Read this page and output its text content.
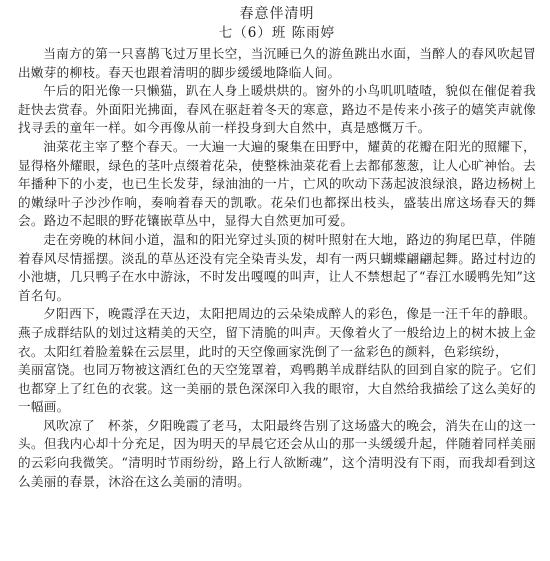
春意伴清明
七（6）班 陈雨婷

当南方的第一只喜鹊飞过万里长空，当沉睡已久的游鱼跳出水面，当醉人的春风吹起冒出嫩芽的柳枝。春天也跟着清明的脚步缓缓地降临人间。

午后的阳光像一只懒猫，趴在人身上暖烘烘的。窗外的小鸟叽叽喳喳，貌似在催促着我赶快去赏春。外面阳光拂面，春风在驱赶着冬天的寒意，路边不是传来小孩子的嬉笑声就像找寻丢的童年一样。如今再像从前一样投身到大自然中，真是感慨万千。

油菜花主宰了整个春天。一大遍一大遍的聚集在田野中，耀黄的花瓣在阳光的照耀下，显得格外耀眼，绿色的茎叶点缀着花朵，使整株油菜花看上去都郁葱葱，让人心旷神怡。去年播种下的小麦，也已生长发芽，绿油油的一片，亡风的吹动下荡起波浪绿浪，路边杨树上的嫩绿叶子沙沙作响，奏响着春天的凯歌。花朵们也都探出枝头，盛装出席这场春天的舞会。路边不起眼的野花镶嵌草丛中，显得大自然更加可爱。

走在旁晚的林间小道，温和的阳光穿过头顶的树叶照射在大地，路边的狗尾巴草，伴随着春风尽情摇摆。淡乱的草丛还没有完全染青头发，却有一两只蝴蝶翩翩起舞。路过村边的小池塘，几只鸭子在水中游泳，不时发出嘎嘎的叫声，让人不禁想起了“春江水暖鸭先知”这首名句。

夕阳西下，晚霞浮在天边，太阳把周边的云朵染成醉人的彩色，像是一汪千年的静眼。燕子成群结队的划过这精美的天空，留下清脆的叫声。天像着火了一般给边上的树木披上金衣。太阳红着脸羞躲在云层里，此时的天空像画家洗倒了一盆彩色的颜料，色彩缤纷，

美丽富饶。也同万物被这酒红色的天空笼罩着，鸡鸭鹅羊成群结队的回到自家的院子。它们也都穿上了红色的衣裳。这一美丽的景色深深印入我的眼帘，大自然给我描绘了这么美好的一幅画。

风吹凉了　杯茶，夕阳晚霞了老马，太阳最终告别了这场盛大的晚会，消失在山的这一头。但我内心却十分充足，因为明天的早晨它还会从山的那一头缓缓升起，伴随着同样美丽的云彩向我微笑。“清明时节雨纷纷，路上行人欲断魂”，这个清明没有下雨，而我却看到这么美丽的春景，沐浴在这么美丽的清明。
